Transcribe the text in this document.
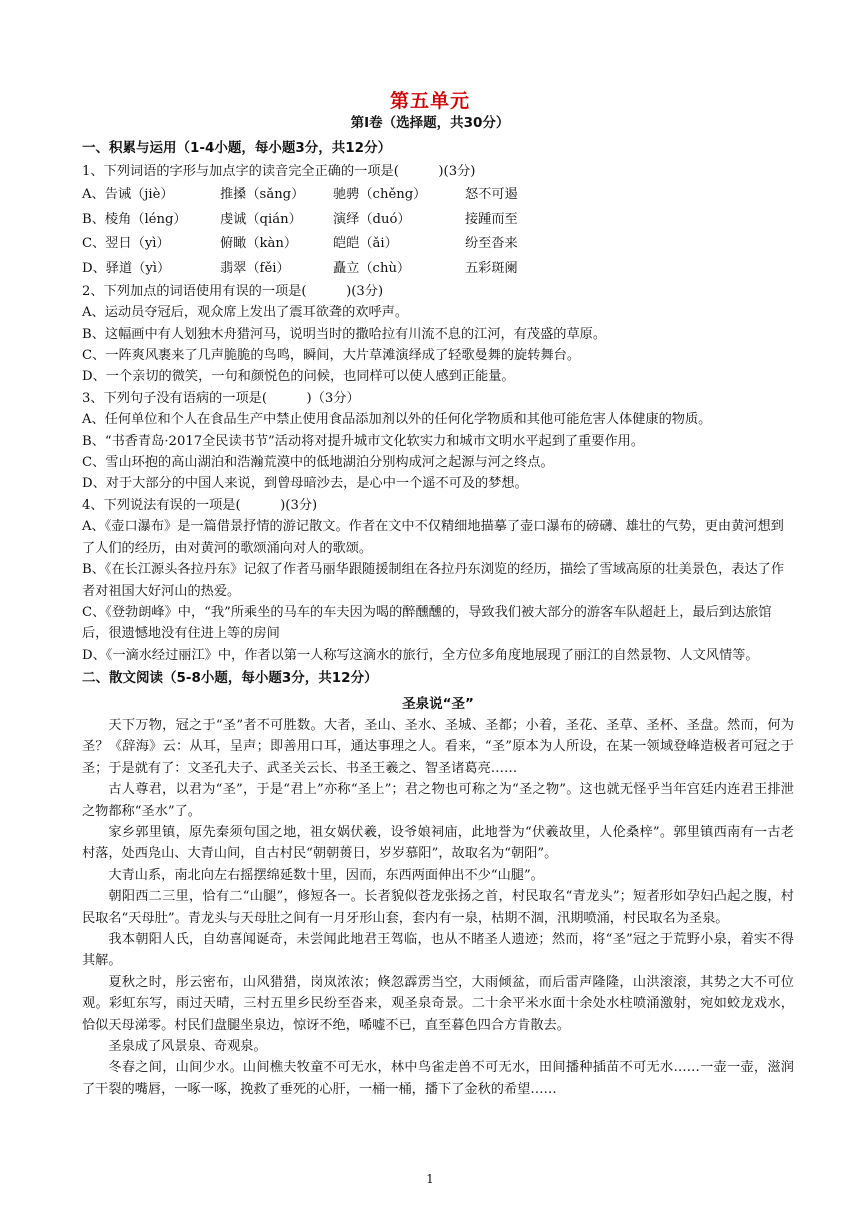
第五单元
第Ⅰ卷（选择题，共30分）
一、积累与运用（1-4小题，每小题3分，共12分）

1、下列词语的字形与加点字的读音完全正确的一项是(　　　)(3分)

A、告诫（jiè）	推搡（sǎng）	驰骋（chěng）	怒不可遏
B、棱角（léng）	虔诚（qián）	演绎（duó）	接踵而至
C、翌日（yì）	俯瞰（kàn）	皑皑（ǎi）	纷至沓来
D、驿道（yì）	翡翠（fěi）	矗立（chù）	五彩斑阑

2、下列加点的词语使用有误的一项是(　　　)(3分)

A、运动员夺冠后，观众席上发出了震耳欲聋的欢呼声。

B、这幅画中有人划独木舟猎河马，说明当时的撒哈拉有川流不息的江河，有茂盛的草原。

C、一阵爽风裹来了几声脆脆的鸟鸣，瞬间，大片草滩演绎成了轻歌曼舞的旋转舞台。

D、一个亲切的微笑，一句和颜悦色的问候，也同样可以使人感到正能量。

3、下列句子没有语病的一项是(　　　)（3分）

A、任何单位和个人在食品生产中禁止使用食品添加剂以外的任何化学物质和其他可能危害人体健康的物质。

B、“书香青岛·2017全民读书节”活动将对提升城市文化软实力和城市文明水平起到了重要作用。

C、雪山环抱的高山湖泊和浩瀚荒漠中的低地湖泊分别构成河之起源与河之终点。

D、对于大部分的中国人来说，到曾母暗沙去，是心中一个遥不可及的梦想。

4、下列说法有误的一项是(　　　)(3分)

A、《壶口瀑布》是一篇借景抒情的游记散文。作者在文中不仅精细地描摹了壶口瀑布的磅礴、雄壮的气势，更由黄河想到了人们的经历，由对黄河的歌颂涌向对人的歌颂。

B、《在长江源头各拉丹东》记叙了作者马丽华跟随援制组在各拉丹东浏览的经历，描绘了雪域高原的壮美景色，表达了作者对祖国大好河山的热爱。

C、《登勃朗峰》中，“我”所乘坐的马车的车夫因为喝的醉醺醺的，导致我们被大部分的游客车队超赶上，最后到达旅馆后，很遗憾地没有住进上等的房间

D、《一滴水经过丽江》中，作者以第一人称写这滴水的旅行，全方位多角度地展现了丽江的自然景物、人文风情等。

二、散文阅读（5-8小题，每小题3分，共12分）
圣泉说“圣”

天下万物，冠之于“圣”者不可胜数。大者，圣山、圣水、圣城、圣都；小着，圣花、圣草、圣杯、圣盘。然而，何为圣？《辞海》云：从耳，呈声；即善用口耳，通达事理之人。看来，“圣”原本为人所设，在某一领域登峰造极者可冠之于圣；于是就有了：文圣孔夫子、武圣关云长、书圣王羲之、智圣诸葛亮……

古人尊君，以君为“圣”，于是“君上”亦称“圣上”；君之物也可称之为“圣之物”。这也就无怪乎当年宫廷内连君王排泄之物都称“圣水”了。

家乡郭里镇，原先秦须句国之地，祖女娲伏羲，设爷娘祠庙，此地誉为“伏羲故里，人伦桑梓”。郭里镇西南有一古老村落，处西凫山、大青山间，自古村民“朝朝蒉日，岁岁慕阳”，故取名为“朝阳”。

大青山系，南北向左右摇摆绵延数十里，因而，东西两面伸出不少“山腿”。

朝阳西二三里，恰有二“山腿”，修短各一。长者貌似苍龙张扬之首，村民取名“青龙头”；短者形如孕妇凸起之腹，村民取名“天母肚”。青龙头与天母肚之间有一月牙形山套，套内有一泉，枯期不涸，汛期喷涌，村民取名为圣泉。

我本朝阳人氏，自幼喜闻诞奇，未尝闻此地君王驾临，也从不睹圣人遗迹；然而，将“圣”冠之于荒野小泉，着实不得其解。

夏秋之时，彤云密布，山风猎猎，岗岚浓浓；倏忽霹雳当空，大雨倾盆，而后雷声隆隆，山洪滚滚，其势之大不可位观。彩虹东写，雨过天晴，三村五里乡民纷至沓来，观圣泉奇景。二十余平米水面十余处水柱喷涌激射，宛如蛟龙戏水，恰似天母涕零。村民们盘腿坐泉边，惊讶不绝，唏嘘不已，直至暮色四合方肯散去。

圣泉成了风景泉、奇观泉。

冬春之间，山间少水。山间樵夫牧童不可无水，林中鸟雀走兽不可无水，田间播种插苗不可无水……一壶一壶，滋润了干裂的嘴唇，一啄一啄，挽救了垂死的心肝，一桶一桶，播下了金秋的希望……

1
